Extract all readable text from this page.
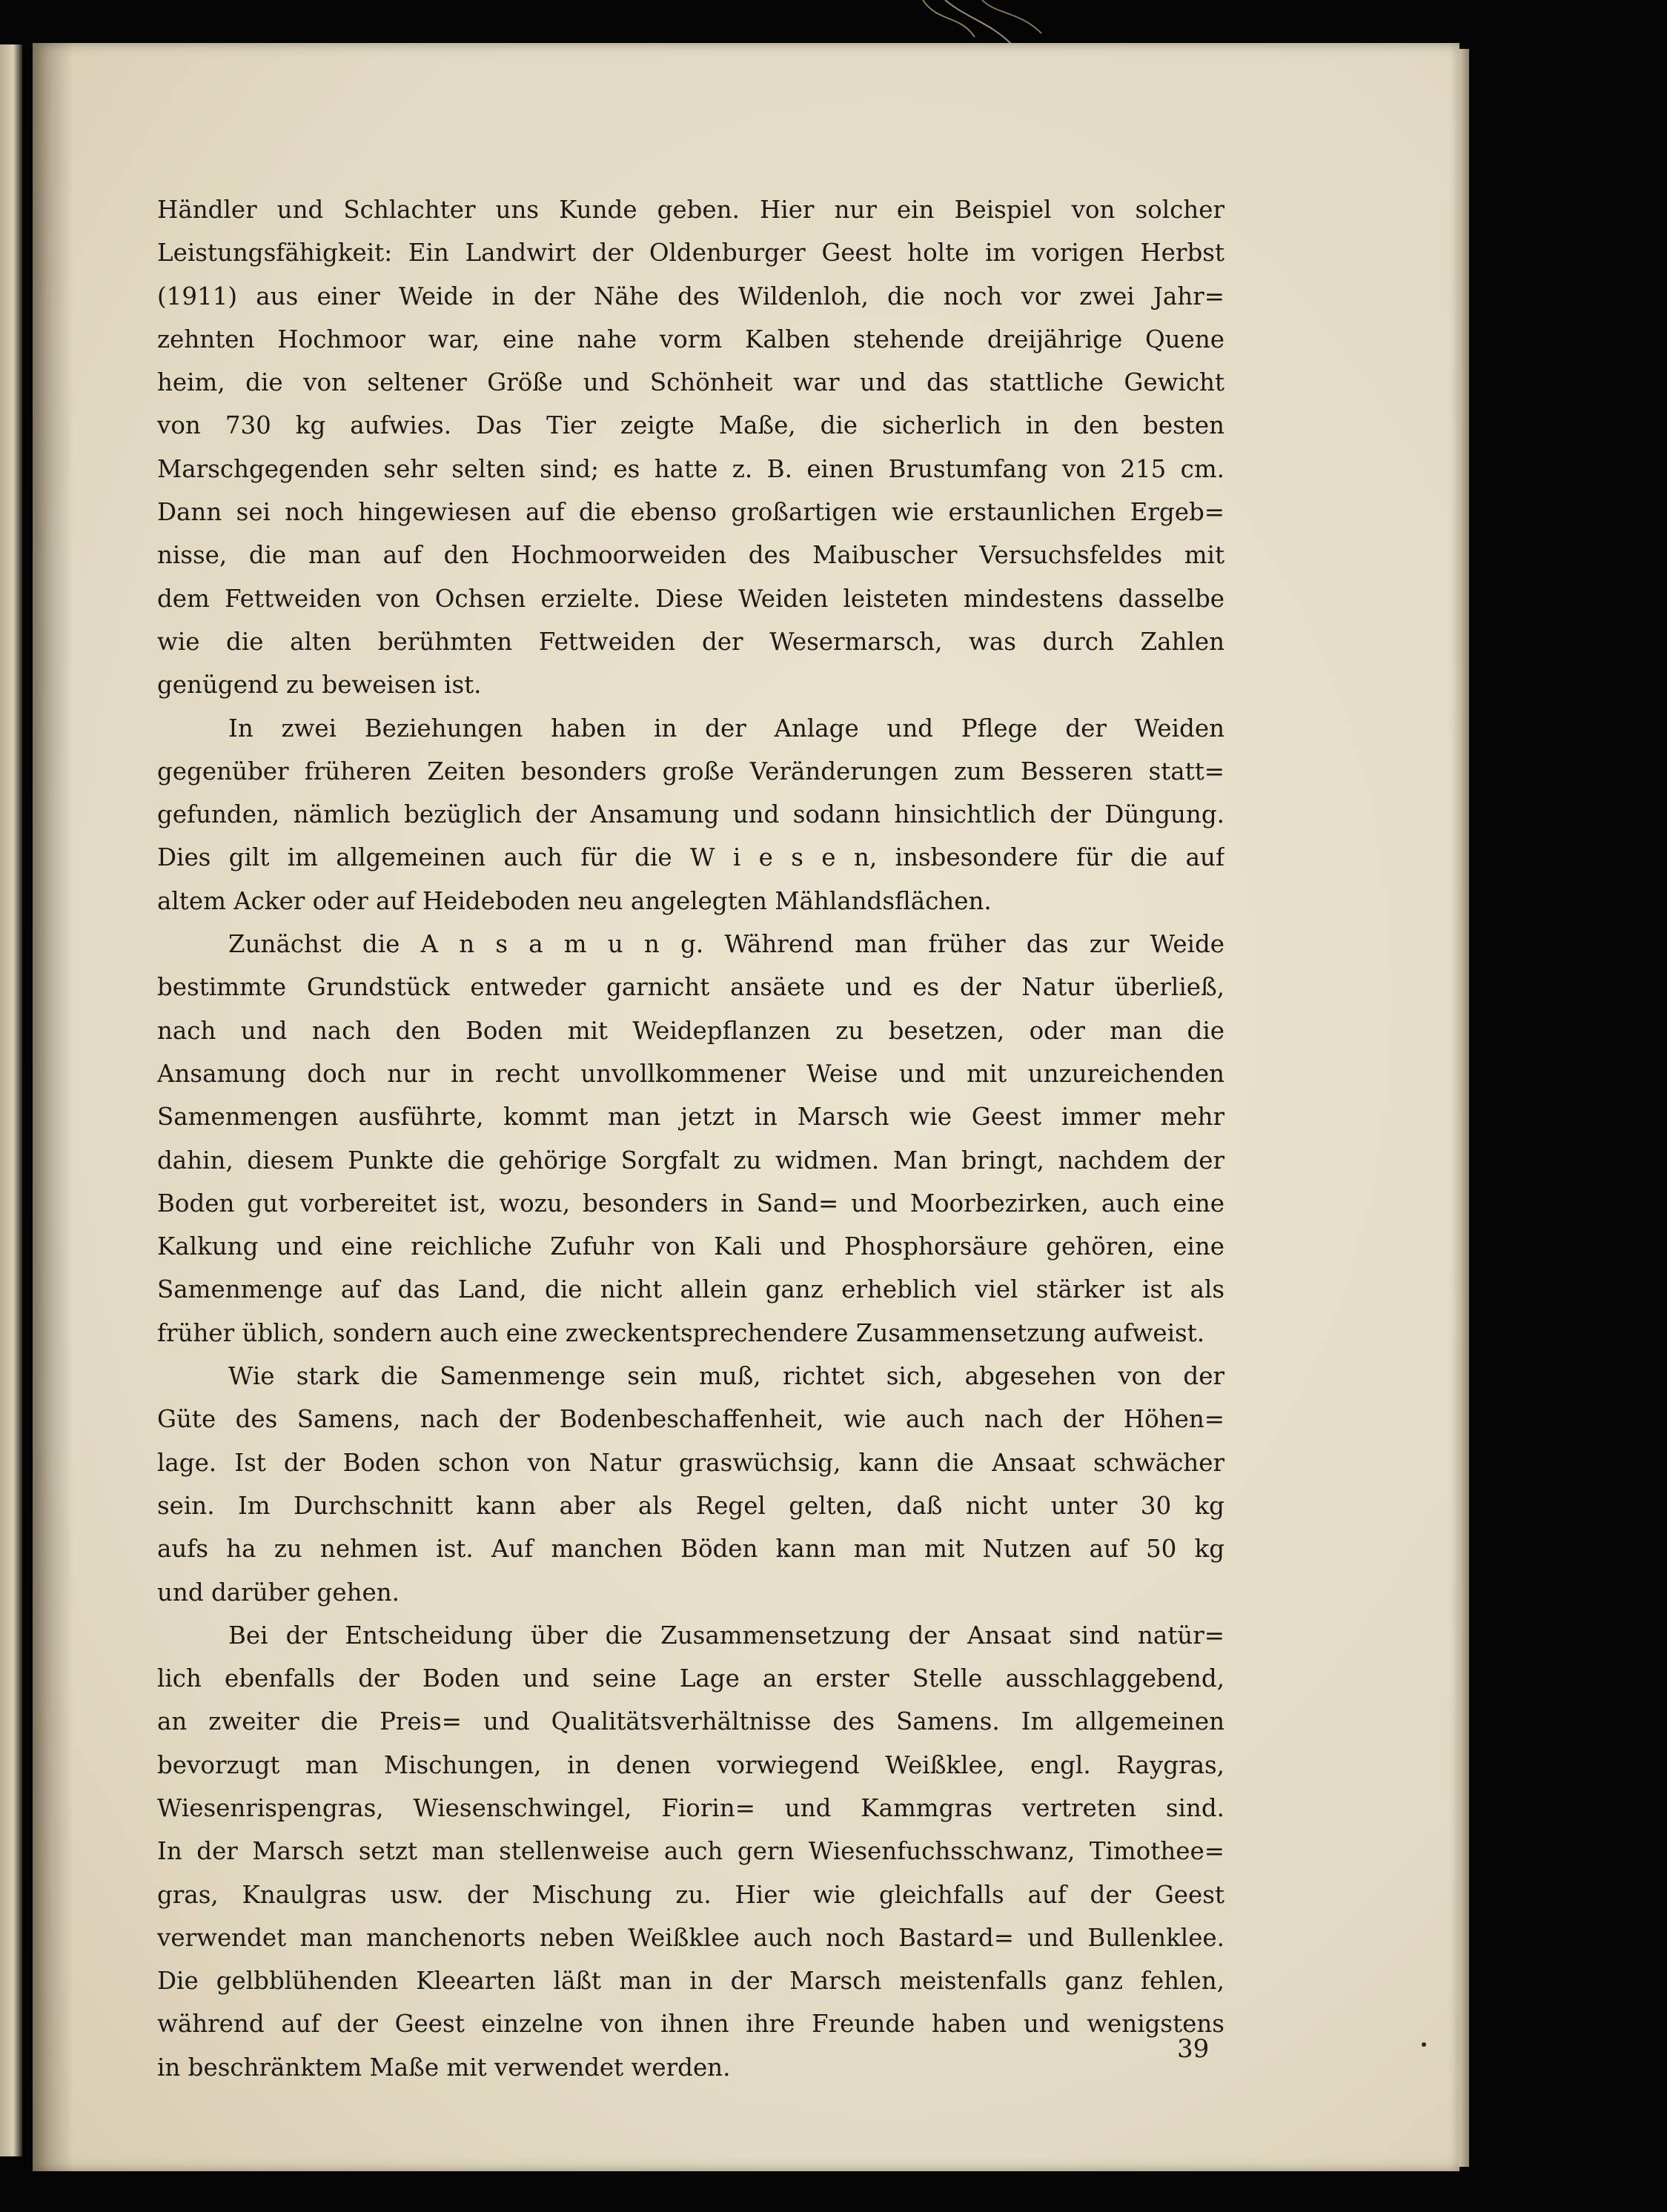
Händler und Schlachter uns Kunde geben. Hier nur ein Beispiel von solcher
Leistungsfähigkeit: Ein Landwirt der Oldenburger Geest holte im vorigen Herbst
(1911) aus einer Weide in der Nähe des Wildenloh, die noch vor zwei Jahr=
zehnten Hochmoor war, eine nahe vorm Kalben stehende dreijährige Quene
heim, die von seltener Größe und Schönheit war und das stattliche Gewicht
von 730 kg aufwies. Das Tier zeigte Maße, die sicherlich in den besten
Marschgegenden sehr selten sind; es hatte z. B. einen Brustumfang von 215 cm.
Dann sei noch hingewiesen auf die ebenso großartigen wie erstaunlichen Ergeb=
nisse, die man auf den Hochmoorweiden des Maibuscher Versuchsfeldes mit
dem Fettweiden von Ochsen erzielte. Diese Weiden leisteten mindestens dasselbe
wie die alten berühmten Fettweiden der Wesermarsch, was durch Zahlen
genügend zu beweisen ist.
In zwei Beziehungen haben in der Anlage und Pflege der Weiden
gegenüber früheren Zeiten besonders große Veränderungen zum Besseren statt=
gefunden, nämlich bezüglich der Ansamung und sodann hinsichtlich der Düngung.
Dies gilt im allgemeinen auch für die W i e s e n, insbesondere für die auf
altem Acker oder auf Heideboden neu angelegten Mählandsflächen.
Zunächst die A n s a m u n g. Während man früher das zur Weide
bestimmte Grundstück entweder garnicht ansäete und es der Natur überließ,
nach und nach den Boden mit Weidepflanzen zu besetzen, oder man die
Ansamung doch nur in recht unvollkommener Weise und mit unzureichenden
Samenmengen ausführte, kommt man jetzt in Marsch wie Geest immer mehr
dahin, diesem Punkte die gehörige Sorgfalt zu widmen. Man bringt, nachdem der
Boden gut vorbereitet ist, wozu, besonders in Sand= und Moorbezirken, auch eine
Kalkung und eine reichliche Zufuhr von Kali und Phosphorsäure gehören, eine
Samenmenge auf das Land, die nicht allein ganz erheblich viel stärker ist als
früher üblich, sondern auch eine zweckentsprechendere Zusammensetzung aufweist.
Wie stark die Samenmenge sein muß, richtet sich, abgesehen von der
Güte des Samens, nach der Bodenbeschaffenheit, wie auch nach der Höhen=
lage. Ist der Boden schon von Natur graswüchsig, kann die Ansaat schwächer
sein. Im Durchschnitt kann aber als Regel gelten, daß nicht unter 30 kg
aufs ha zu nehmen ist. Auf manchen Böden kann man mit Nutzen auf 50 kg
und darüber gehen.
Bei der Entscheidung über die Zusammensetzung der Ansaat sind natür=
lich ebenfalls der Boden und seine Lage an erster Stelle ausschlaggebend,
an zweiter die Preis= und Qualitätsverhältnisse des Samens. Im allgemeinen
bevorzugt man Mischungen, in denen vorwiegend Weißklee, engl. Raygras,
Wiesenrispengras, Wiesenschwingel, Fiorin= und Kammgras vertreten sind.
In der Marsch setzt man stellenweise auch gern Wiesenfuchsschwanz, Timothee=
gras, Knaulgras usw. der Mischung zu. Hier wie gleichfalls auf der Geest
verwendet man manchenorts neben Weißklee auch noch Bastard= und Bullenklee.
Die gelbblühenden Kleearten läßt man in der Marsch meistenfalls ganz fehlen,
während auf der Geest einzelne von ihnen ihre Freunde haben und wenigstens
in beschränktem Maße mit verwendet werden.
39
